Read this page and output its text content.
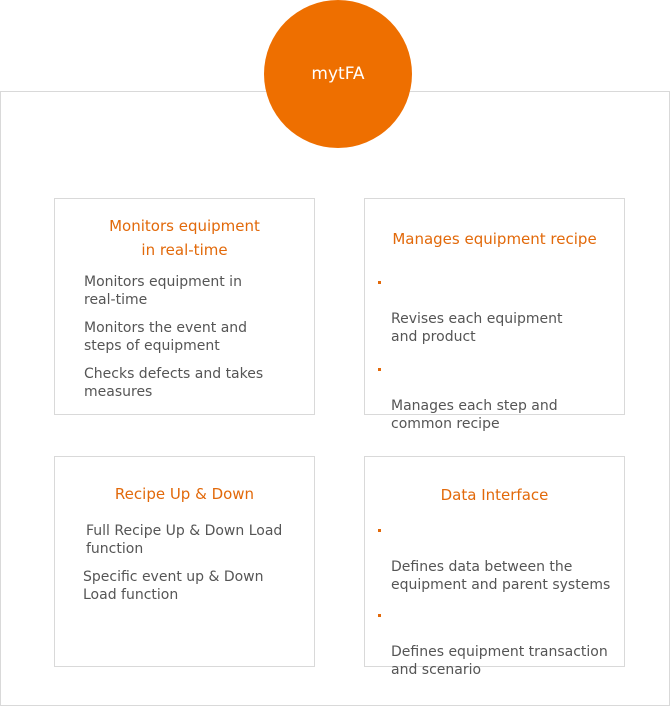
mytFA
Monitors equipment
in real-time
Monitors equipment in
real-time
Monitors the event and
steps of equipment
Checks defects and takes
measures
Manages equipment recipe

Revises each equipment
and product

Manages each step and
common recipe

Recipe Up & Down
Full Recipe Up & Down Load
function
Specific event up & Down
Load function
Data Interface

Defines data between the
equipment and parent systems

Defines equipment transaction
and scenario
